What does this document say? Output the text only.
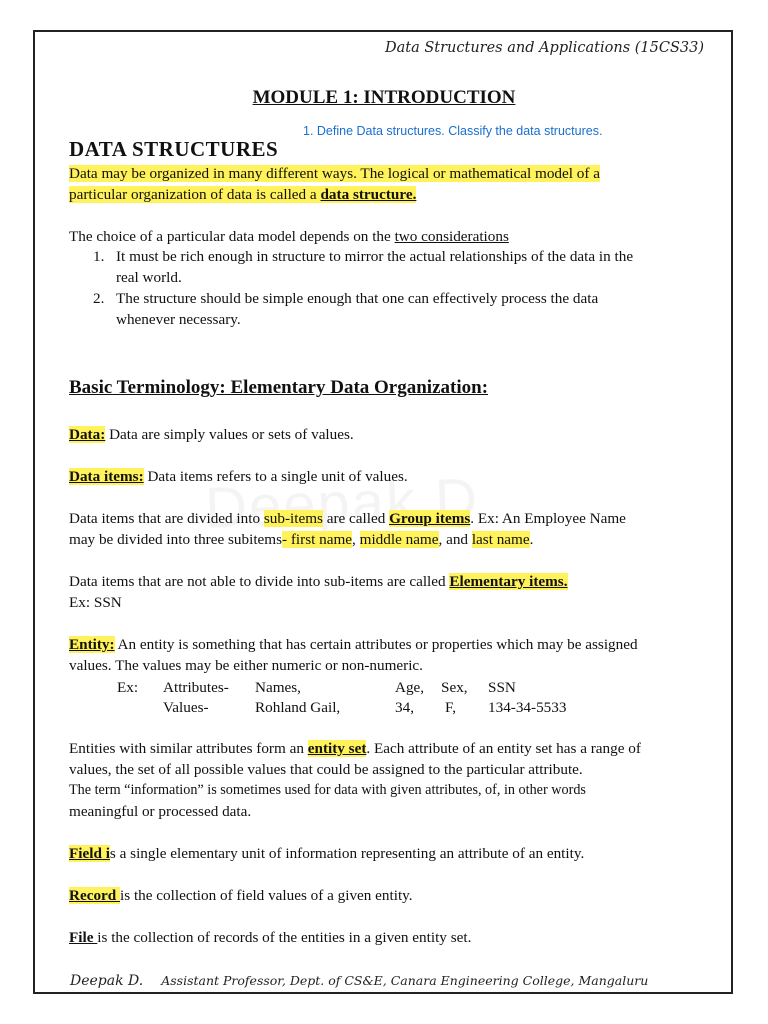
Data Structures and Applications (15CS33)
MODULE 1: INTRODUCTION
1. Define Data structures. Classify the data structures.
DATA STRUCTURES
Data may be organized in many different ways. The logical or mathematical model of a
particular organization of data is called a data structure.
The choice of a particular data model depends on the two considerations
1. It must be rich enough in structure to mirror the actual relationships of the data in the
real world.
2. The structure should be simple enough that one can effectively process the data
whenever necessary.
Basic Terminology: Elementary Data Organization:
Data: Data are simply values or sets of values.
Data items: Data items refers to a single unit of values.
Data items that are divided into sub-items are called Group items. Ex: An Employee Name
may be divided into three subitems- first name, middle name, and last name.
Data items that are not able to divide into sub-items are called Elementary items.
Ex: SSN
Entity: An entity is something that has certain attributes or properties which may be assigned
values. The values may be either numeric or non-numeric.
Ex: Attributes- Names,	Age, Sex, SSN
Values-	Rohland Gail,	34, F, 134-34-5533
Entities with similar attributes form an entity set. Each attribute of an entity set has a range of
values, the set of all possible values that could be assigned to the particular attribute.
The term “information” is sometimes used for data with given attributes, of, in other words
meaningful or processed data.
Field is a single elementary unit of information representing an attribute of an entity.
Record is the collection of field values of a given entity.
File is the collection of records of the entities in a given entity set.
Deepak D. Assistant Professor, Dept. of CS&E, Canara Engineering College, Mangaluru
